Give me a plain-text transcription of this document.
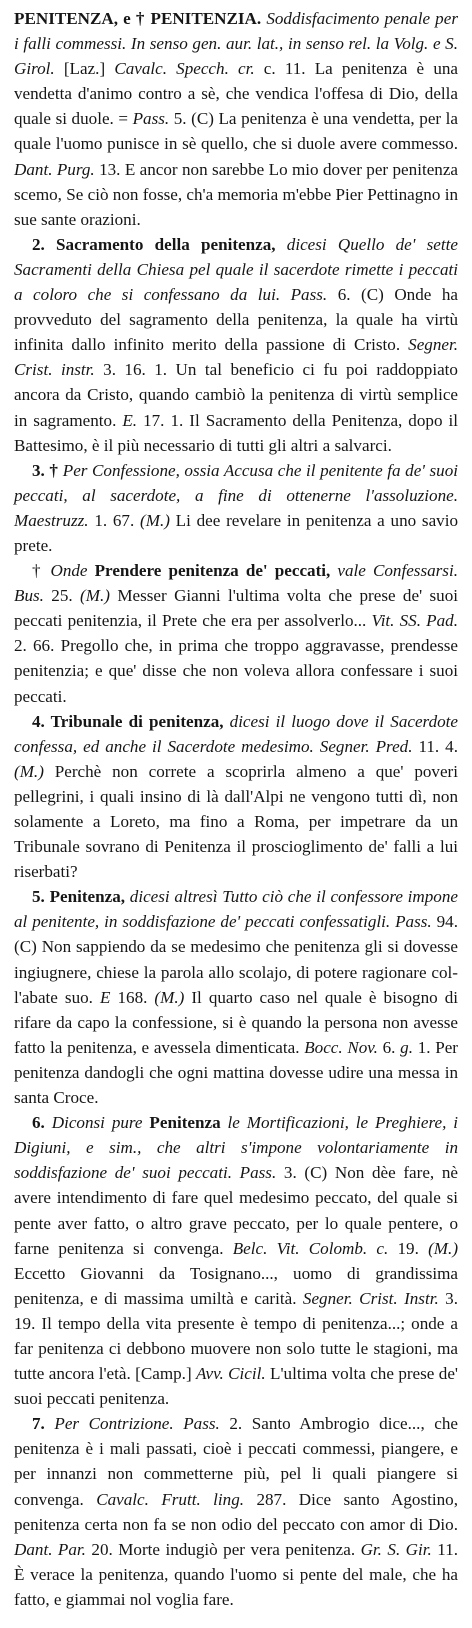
PENITENZA, e † PENITENZIA. Soddisfacimento penale per i falli commessi. In senso gen. aur. lat., in senso rel. la Volg. e S. Girol. [Laz.] Cavalc. Specch. cr. c. 11. La penitenza è una vendetta d'animo contro a sè, che vendica l'offesa di Dio, della quale si duole. = Pass. 5. (C) La penitenza è una vendetta, per la quale l'uomo punisce in sè quello, che si duole avere commesso. Dant. Purg. 13. E ancor non sarebbe Lo mio dover per penitenza scemo, Se ciò non fosse, ch'a memoria m'ebbe Pier Pettinagno in sue sante orazioni.

2. Sacramento della penitenza, dicesi Quello de' sette Sacramenti della Chiesa pel quale il sacerdote rimette i peccati a coloro che si confessano da lui. Pass. 6. (C) Onde ha provveduto del sagramento della penitenza, la quale ha virtù infinita dallo infinito merito della passione di Cristo. Segner. Crist. instr. 3. 16. 1. Un tal beneficio ci fu poi raddoppiato ancora da Cristo, quando cambiò la penitenza di virtù semplice in sagramento. E. 17. 1. Il Sacramento della Penitenza, dopo il Battesimo, è il più necessario di tutti gli altri a salvarci.

3. † Per Confessione, ossia Accusa che il penitente fa de' suoi peccati, al sacerdote, a fine di ottenerne l'assoluzione. Maestruzz. 1. 67. (M.) Li dee revelare in penitenza a uno savio prete.

† Onde Prendere penitenza de' peccati, vale Confessarsi. Bus. 25. (M.) Messer Gianni l'ultima volta che prese de' suoi peccati penitenzia, il Prete che era per assolverlo... Vit. SS. Pad. 2. 66. Pregollo che, in prima che troppo aggravasse, prendesse penitenzia; e que' disse che non voleva allora confessare i suoi peccati.

4. Tribunale di penitenza, dicesi il luogo dove il Sacerdote confessa, ed anche il Sacerdote medesimo. Segner. Pred. 11. 4. (M.) Perchè non correte a scoprirla almeno a que' poveri pellegrini, i quali insino di là dall'Alpi ne vengono tutti dì, non solamente a Loreto, ma fino a Roma, per impetrare da un Tribunale sovrano di Penitenza il proscioglimento de' falli a lui riserbati?

5. Penitenza, dicesi altresì Tutto ciò che il confessore impone al penitente, in soddisfazione de' peccati confessatigli. Pass. 94. (C) Non sappiendo da se medesimo che penitenza gli si dovesse ingiugnere, chiese la parola allo scolajo, di potere ragionare coll'abate suo. E 168. (M.) Il quarto caso nel quale è bisogno di rifare da capo la confessione, si è quando la persona non avesse fatto la penitenza, e avessela dimenticata. Bocc. Nov. 6. g. 1. Per penitenza dandogli che ogni mattina dovesse udire una messa in santa Croce.

6. Diconsi pure Penitenza le Mortificazioni, le Preghiere, i Digiuni, e sim., che altri s'impone volontariamente in soddisfazione de' suoi peccati. Pass. 3. (C) Non dèe fare, nè avere intendimento di fare quel medesimo peccato, del quale si pente aver fatto, o altro grave peccato, per lo quale pentere, o farne penitenza si convenga. Belc. Vit. Colomb. c. 19. (M.) Eccetto Giovanni da Tosignano..., uomo di grandissima penitenza, e di massima umiltà e carità. Segner. Crist. Instr. 3. 19. Il tempo della vita presente è tempo di penitenza...; onde a far penitenza ci debbono muovere non solo tutte le stagioni, ma tutte ancora l'età. [Camp.] Avv. Cicil. L'ultima volta che prese de' suoi peccati penitenza.

7. Per Contrizione. Pass. 2. Santo Ambrogio dice..., che penitenza è i mali passati, cioè i peccati commessi, piangere, e per innanzi non commetterne più, pel li quali piangere si convenga. Cavalc. Frutt. ling. 287. Dice santo Agostino, penitenza certa non fa se non odio del peccato con amor di Dio. Dant. Par. 20. Morte indugiò per vera penitenza. Gr. S. Gir. 11. È verace la penitenza, quando l'uomo si pente del male, che ha fatto, e giammai nol voglia fare.
